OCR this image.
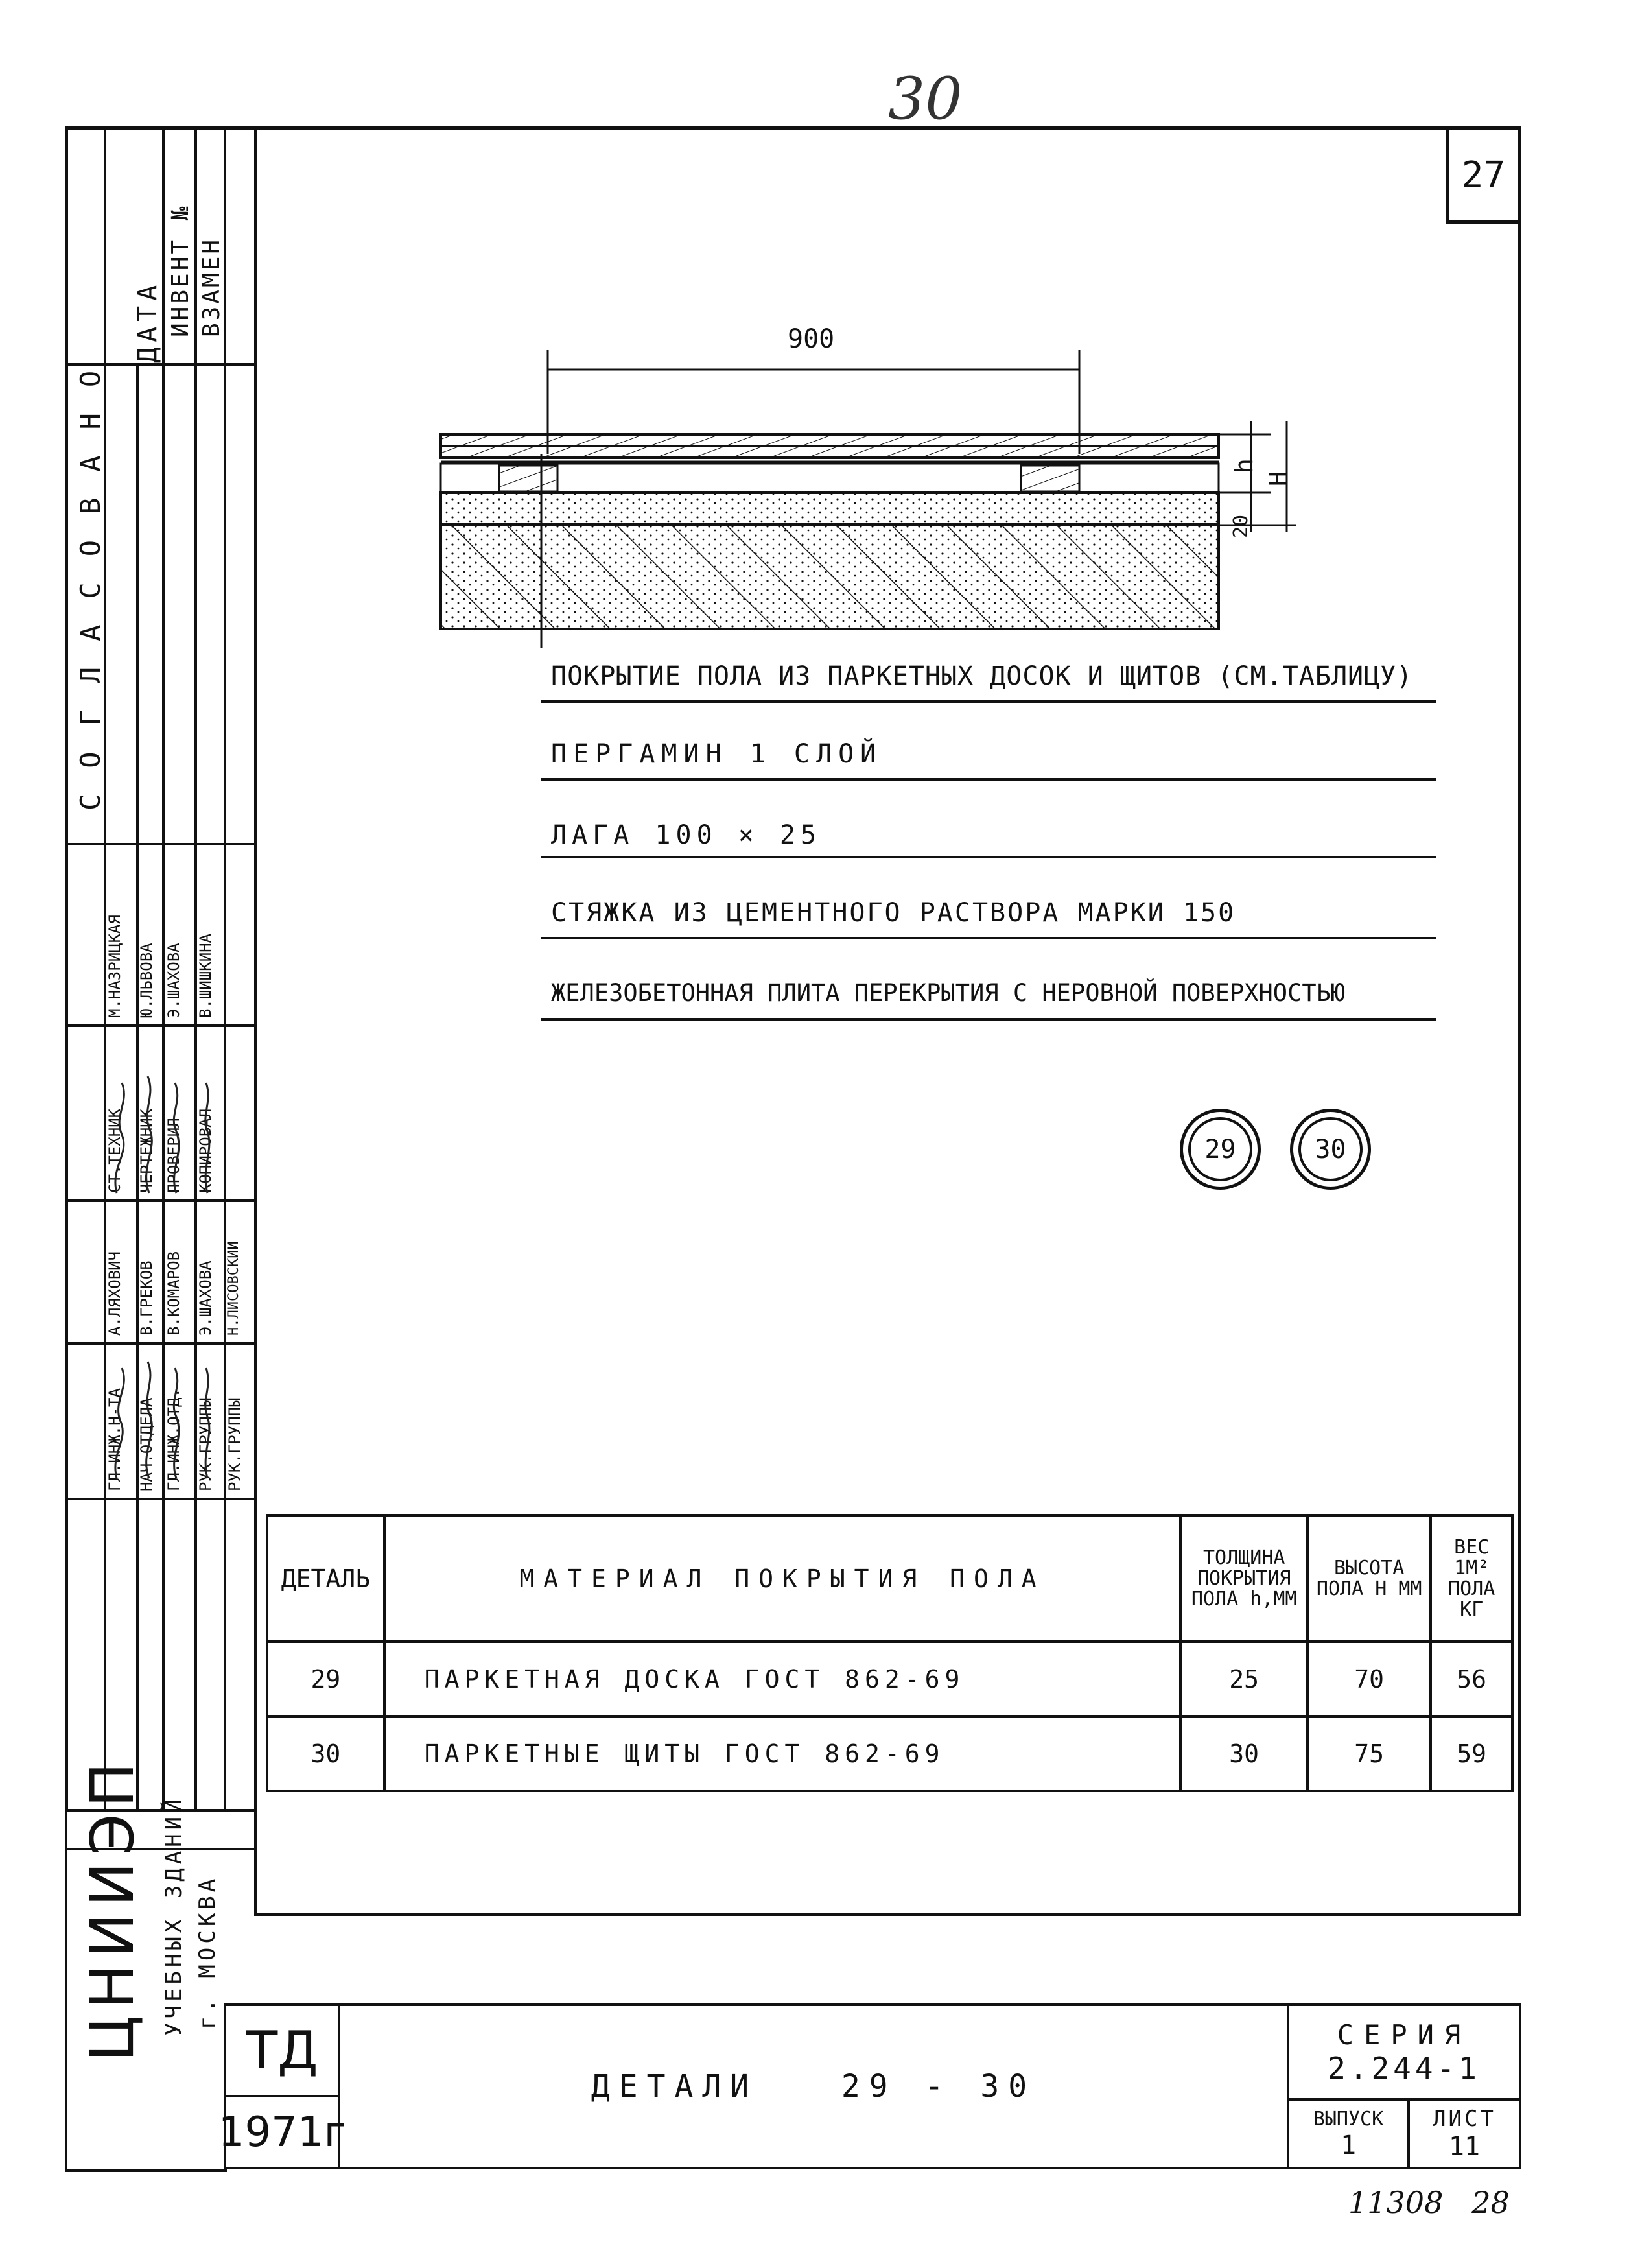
30
27
ДАТА ИНВЕНТ № ВЗАМЕН
СОГЛАСОВАНО
ГЛ.ИНЖ.Н-ТА НАЧ.ОТДЕЛА ГЛ.ИНЖ.ОТД. РУК.ГРУППЫ РУК.ГРУППЫ
А.ЛЯХОВИЧ В.ГРЕКОВ В.КОМАРОВ Э.ШАХОВА Н.ЛИСОВСКИЙ
СТ.ТЕХНИК ЧЕРТЕЖНИК ПРОВЕРИЛ КОПИРОВАЛ
М.НАЗРИЦКАЯ Ю.ЛЬВОВА Э.ШАХОВА В.ШИШКИНА
ЦНИИЭП УЧЕБНЫХ ЗДАНИЙ г. МОСКВА
900
h
H
20
ПОКРЫТИЕ ПОЛА ИЗ ПАРКЕТНЫХ ДОСОК И ЩИТОВ (СМ.ТАБЛИЦУ)
ПЕРГАМИН 1 СЛОЙ
ЛАГА 100 × 25
СТЯЖКА ИЗ ЦЕМЕНТНОГО РАСТВОРА МАРКИ 150
ЖЕЛЕЗОБЕТОННАЯ ПЛИТА ПЕРЕКРЫТИЯ С НЕРОВНОЙ ПОВЕРХНОСТЬЮ
29	30
ДЕТАЛЬ	МАТЕРИАЛ ПОКРЫТИЯ ПОЛА	ТОЛЩИНА ПОКРЫТИЯ ПОЛА h,ММ	ВЫСОТА ПОЛА H ММ	ВЕС 1М² ПОЛА КГ
29	ПАРКЕТНАЯ ДОСКА ГОСТ 862-69	25	70	56
30	ПАРКЕТНЫЕ ЩИТЫ ГОСТ 862-69	30	75	59
ТД
1971г
ДЕТАЛИ   29 - 30
СЕРИЯ
2.244-1
ВЫПУСК
1
ЛИСТ
11
11308   28
